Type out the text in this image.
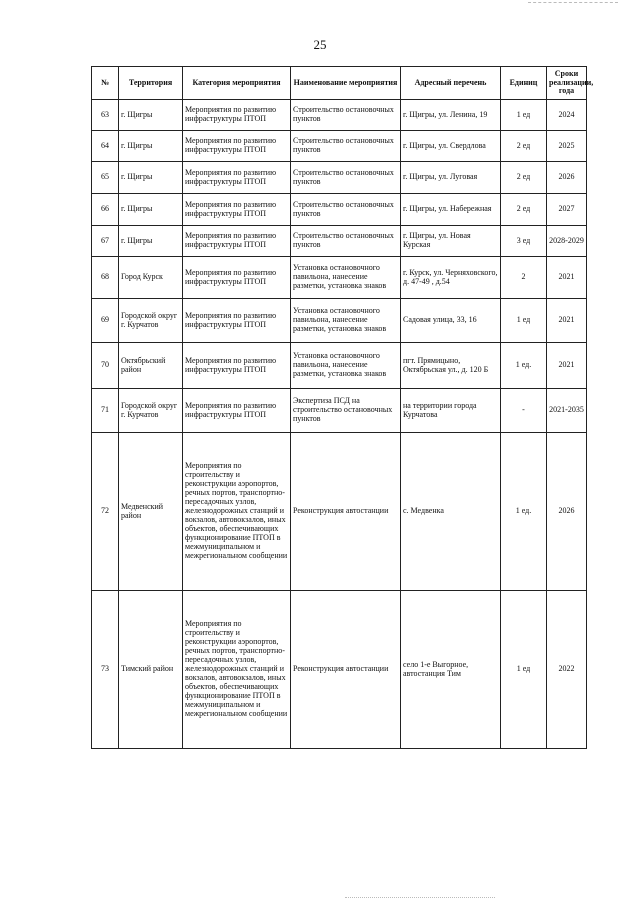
25
№	Территория	Категория мероприятия	Наименование мероприятия	Адресный перечень	Единиц	Сроки реализации, года
63	г. Щигры	Мероприятия по развитию инфраструктуры ПТОП	Строительство остановочных пунктов	г. Щигры, ул. Ленина, 19	1 ед	2024
64	г. Щигры	Мероприятия по развитию инфраструктуры ПТОП	Строительство остановочных пунктов	г. Щигры, ул. Свердлова	2 ед	2025
65	г. Щигры	Мероприятия по развитию инфраструктуры ПТОП	Строительство остановочных пунктов	г. Щигры, ул. Луговая	2 ед	2026
66	г. Щигры	Мероприятия по развитию инфраструктуры ПТОП	Строительство остановочных пунктов	г. Щигры, ул. Набережная	2 ед	2027
67	г. Щигры	Мероприятия по развитию инфраструктуры ПТОП	Строительство остановочных пунктов	г. Щигры, ул. Новая Курская	3 ед	2028-2029
68	Город Курск	Мероприятия по развитию инфраструктуры ПТОП	Установка остановочного павильона, нанесение разметки, установка знаков	г. Курск, ул. Черняховского, д. 47-49 , д.54	2	2021
69	Городской округ г. Курчатов	Мероприятия по развитию инфраструктуры ПТОП	Установка остановочного павильона, нанесение разметки, установка знаков	Садовая улица, 33, 16	1 ед	2021
70	Октябрьский район	Мероприятия по развитию инфраструктуры ПТОП	Установка остановочного павильона, нанесение разметки, установка знаков	пгт. Прямицыно, Октябрьская ул., д. 120 Б	1 ед.	2021
71	Городской округ г. Курчатов	Мероприятия по развитию инфраструктуры ПТОП	Экспертиза ПСД на строительство остановочных пунктов	на территории города Курчатова	-	2021-2035
72	Медвенский район	Мероприятия по строительству и реконструкции аэропортов, речных портов, транспортно-пересадочных узлов, железнодорожных станций и вокзалов, автовокзалов, иных объектов, обеспечивающих функционирование ПТОП в межмуниципальном и межрегиональном сообщении	Реконструкция автостанции	с. Медвенка	1 ед.	2026
73	Тимский район	Мероприятия по строительству и реконструкции аэропортов, речных портов, транспортно-пересадочных узлов, железнодорожных станций и вокзалов, автовокзалов, иных объектов, обеспечивающих функционирование ПТОП в межмуниципальном и межрегиональном сообщении	Реконструкция автостанции	село 1-е Выгорное, автостанция Тим	1 ед	2022
